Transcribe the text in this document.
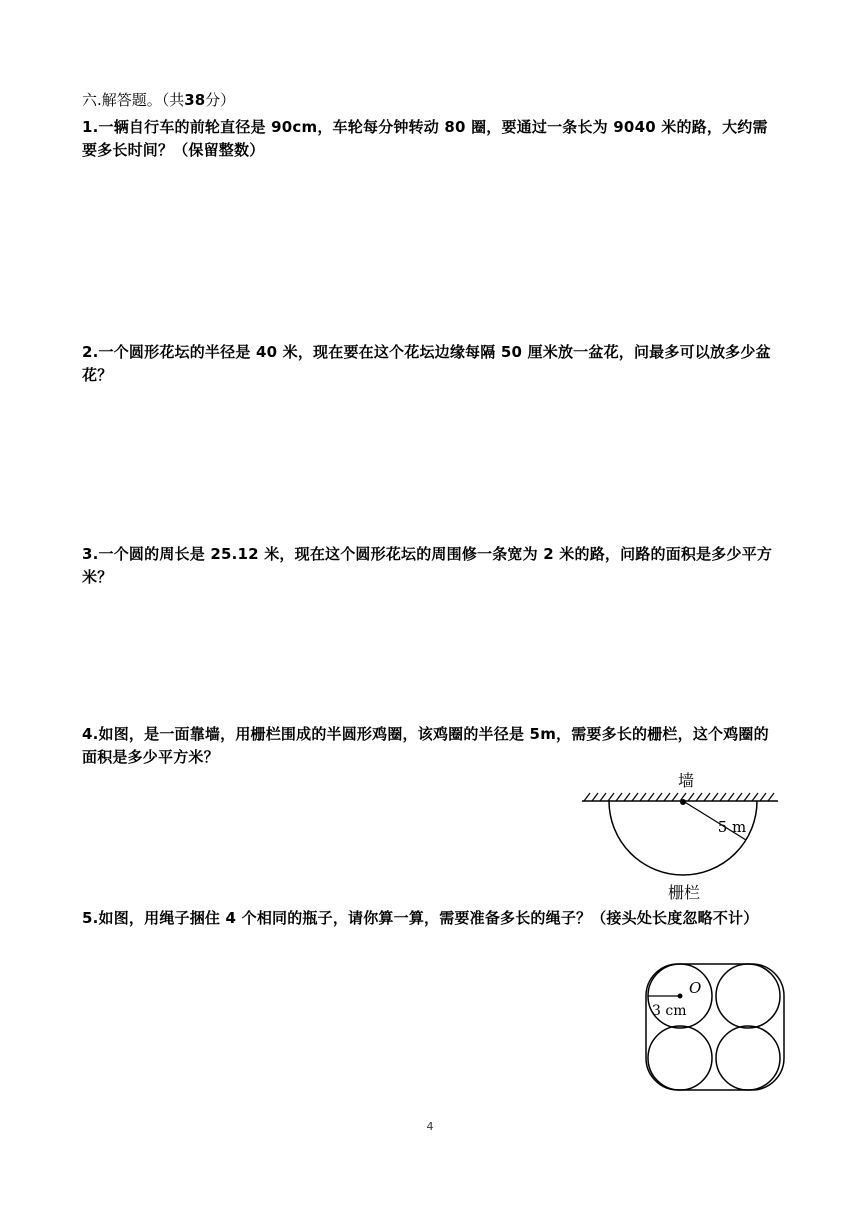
六.解答题。（共38分）
1.一辆自行车的前轮直径是 90cm，车轮每分钟转动 80 圈，要通过一条长为 9040 米的路，大约需要多长时间？（保留整数）
2.一个圆形花坛的半径是 40 米，现在要在这个花坛边缘每隔 50 厘米放一盆花，问最多可以放多少盆花？
3.一个圆的周长是 25.12 米，现在这个圆形花坛的周围修一条宽为 2 米的路，问路的面积是多少平方米？
4.如图，是一面靠墙，用栅栏围成的半圆形鸡圈，该鸡圈的半径是 5m，需要多长的栅栏，这个鸡圈的面积是多少平方米？
墙
5 m
栅栏
5.如图，用绳子捆住 4 个相同的瓶子，请你算一算，需要准备多长的绳子？（接头处长度忽略不计）
O
3 cm
4
